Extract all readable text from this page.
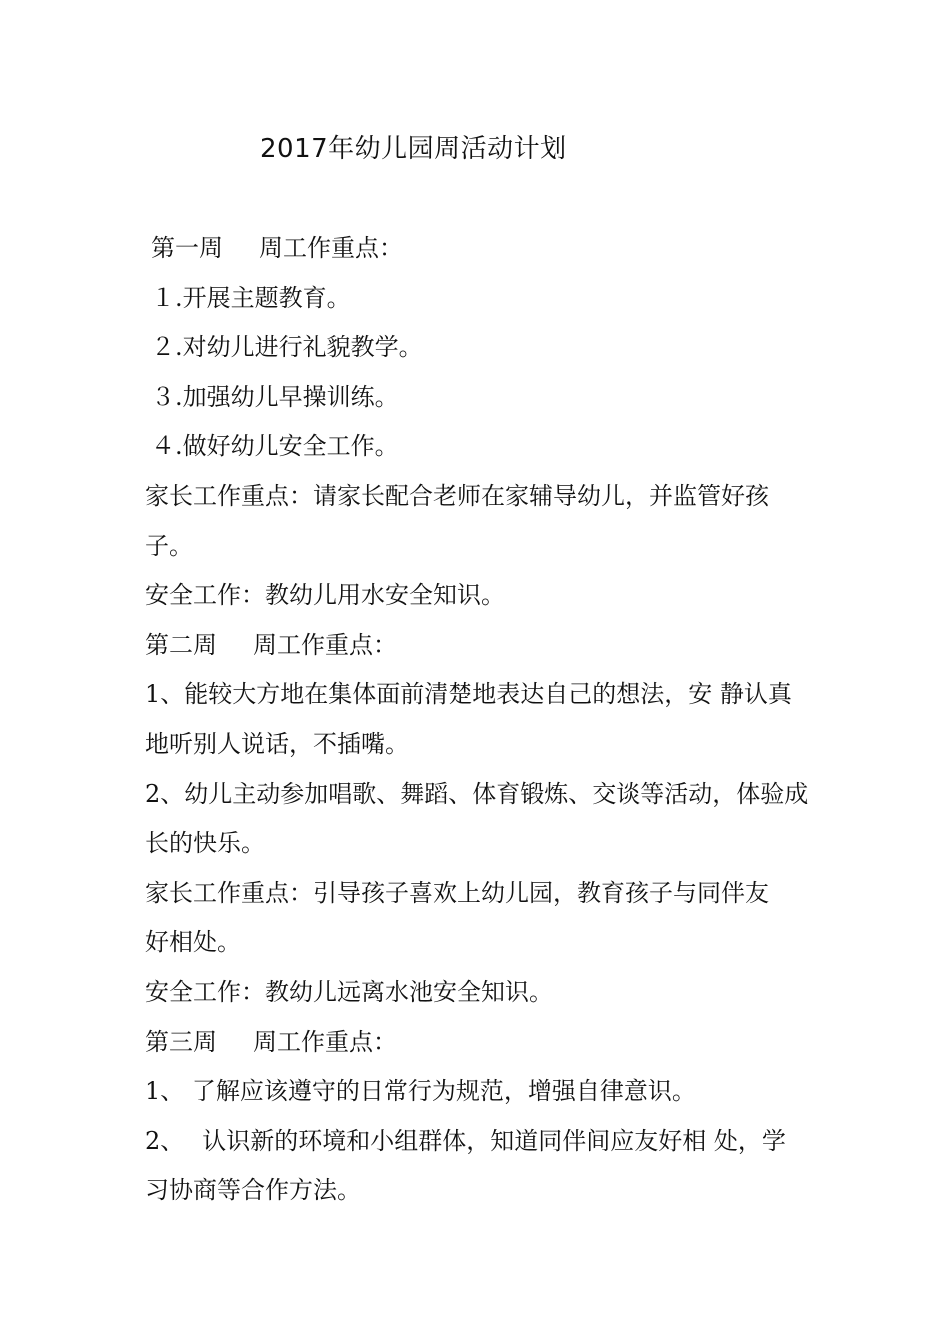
2017年幼儿园周活动计划
第一周 周工作重点：
１.开展主题教育。
２.对幼儿进行礼貌教学。
３.加强幼儿早操训练。
４.做好幼儿安全工作。
家长工作重点：请家长配合老师在家辅导幼儿，并监管好孩
子。
安全工作：教幼儿用水安全知识。
第二周 周工作重点：
1、能较大方地在集体面前清楚地表达自己的想法，安 静认真
地听别人说话，不插嘴。
2、幼儿主动参加唱歌、舞蹈、体育锻炼、交谈等活动，体验成
长的快乐。
家长工作重点：引导孩子喜欢上幼儿园，教育孩子与同伴友
好相处。
安全工作：教幼儿远离水池安全知识。
第三周 周工作重点：
1、 了解应该遵守的日常行为规范，增强自律意识。
2、 认识新的环境和小组群体，知道同伴间应友好相 处，学
习协商等合作方法。
